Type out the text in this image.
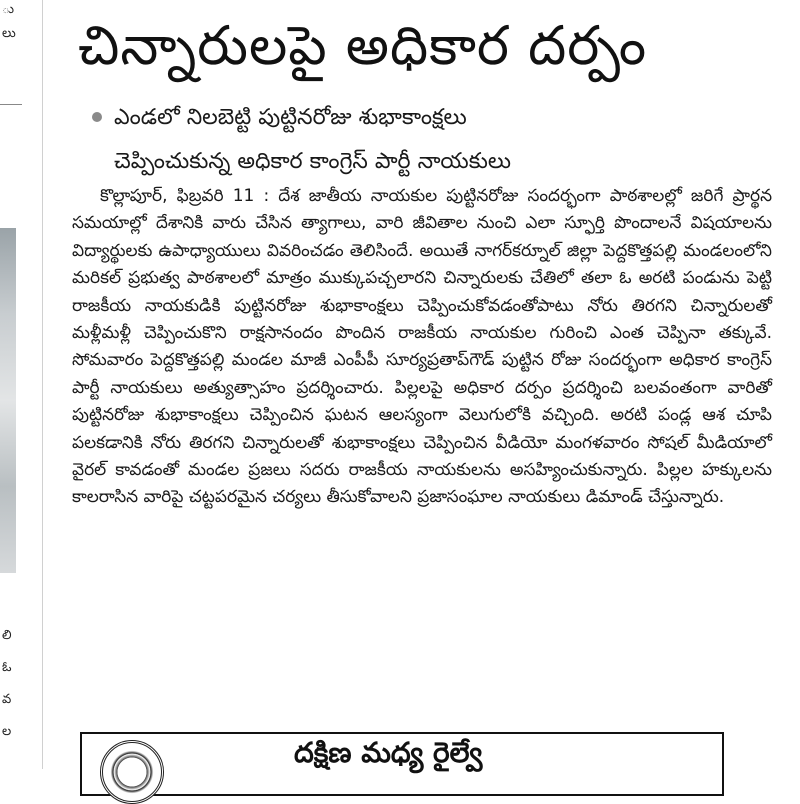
ు
లు
లి
ఓ
వ
ల
చిన్నారులపై అధికార దర్పం
ఎండలో నిలబెట్టి పుట్టినరోజు శుభాకాంక్షలు
చెప్పించుకున్న అధికార కాంగ్రెస్ పార్టీ నాయకులు
కొల్లాపూర్, ఫిబ్రవరి 11 : దేశ జాతీయ నాయకుల పుట్టినరోజు సందర్భంగా పాఠశాలల్లో జరిగే ప్రార్థన సమయాల్లో దేశానికి వారు చేసిన త్యాగాలు, వారి జీవితాల నుంచి ఎలా స్ఫూర్తి పొందాలనే విషయాలను విద్యార్థులకు ఉపాధ్యాయులు వివరించడం తెలిసిందే. అయితే నాగర్‌కర్నూల్ జిల్లా పెద్దకొత్తపల్లి మండలంలోని మరికల్ ప్రభుత్వ పాఠశాలలో మాత్రం ముక్కుపచ్చలారని చిన్నారులకు చేతిలో తలా ఓ అరటి పండును పెట్టి రాజకీయ నాయకుడికి పుట్టినరోజు శుభాకాంక్షలు చెప్పించుకోవడంతోపాటు నోరు తిరగని చిన్నారులతో మళ్లీమళ్లీ చెప్పించుకొని రాక్షసానందం పొందిన రాజకీయ నాయకుల గురించి ఎంత చెప్పినా తక్కువే. సోమవారం పెద్దకొత్తపల్లి మండల మాజీ ఎంపీపీ సూర్యప్రతాప్‌గౌడ్ పుట్టిన రోజు సందర్భంగా అధికార కాంగ్రెస్ పార్టీ నాయకులు అత్యుత్సాహం ప్రదర్శించారు. పిల్లలపై అధికార దర్పం ప్రదర్శించి బలవంతంగా వారితో పుట్టినరోజు శుభాకాంక్షలు చెప్పించిన ఘటన ఆలస్యంగా వెలుగులోకి వచ్చింది. అరటి పండ్ల ఆశ చూపి పలకడానికి నోరు తిరగని చిన్నారులతో శుభాకాంక్షలు చెప్పించిన వీడియో మంగళవారం సోషల్ మీడియాలో వైరల్ కావడంతో మండల ప్రజలు సదరు రాజకీయ నాయకులను అసహ్యించుకున్నారు. పిల్లల హక్కులను కాలరాసిన వారిపై చట్టపరమైన చర్యలు తీసుకోవాలని ప్రజాసంఘాల నాయకులు డిమాండ్ చేస్తున్నారు.
దక్షిణ మధ్య రైల్వే
